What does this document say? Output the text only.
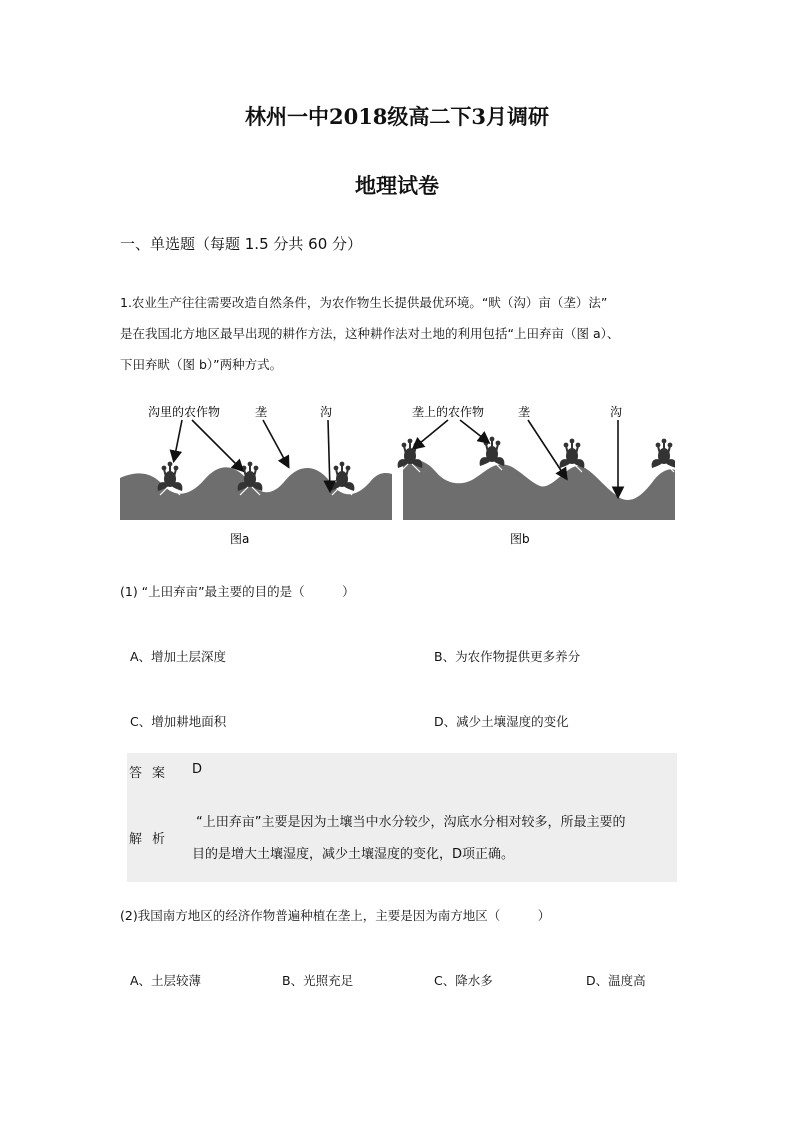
林州一中2018级高二下3月调研
地理试卷
一、单选题（每题 1.5 分共 60 分）
1.农业生产往往需要改造自然条件，为农作物生长提供最优环境。“畎（沟）亩（垄）法”
是在我国北方地区最早出现的耕作方法，这种耕作法对土地的利用包括“上田弃亩（图 a）、
下田弃畎（图 b）”两种方式。
沟里的农作物	垄	沟
图a
垄上的农作物	垄	沟
图b
(1) “上田弃亩”最主要的目的是（　　　）
A、增加土层深度	B、为农作物提供更多养分
C、增加耕地面积	D、减少土壤湿度的变化
答案 D
解析
“上田弃亩”主要是因为土壤当中水分较少，沟底水分相对较多，所最主要的
目的是增大土壤湿度，减少土壤湿度的变化，D项正确。
(2)我国南方地区的经济作物普遍种植在垄上，主要是因为南方地区（　　　）
A、土层较薄	B、光照充足	C、降水多	D、温度高
